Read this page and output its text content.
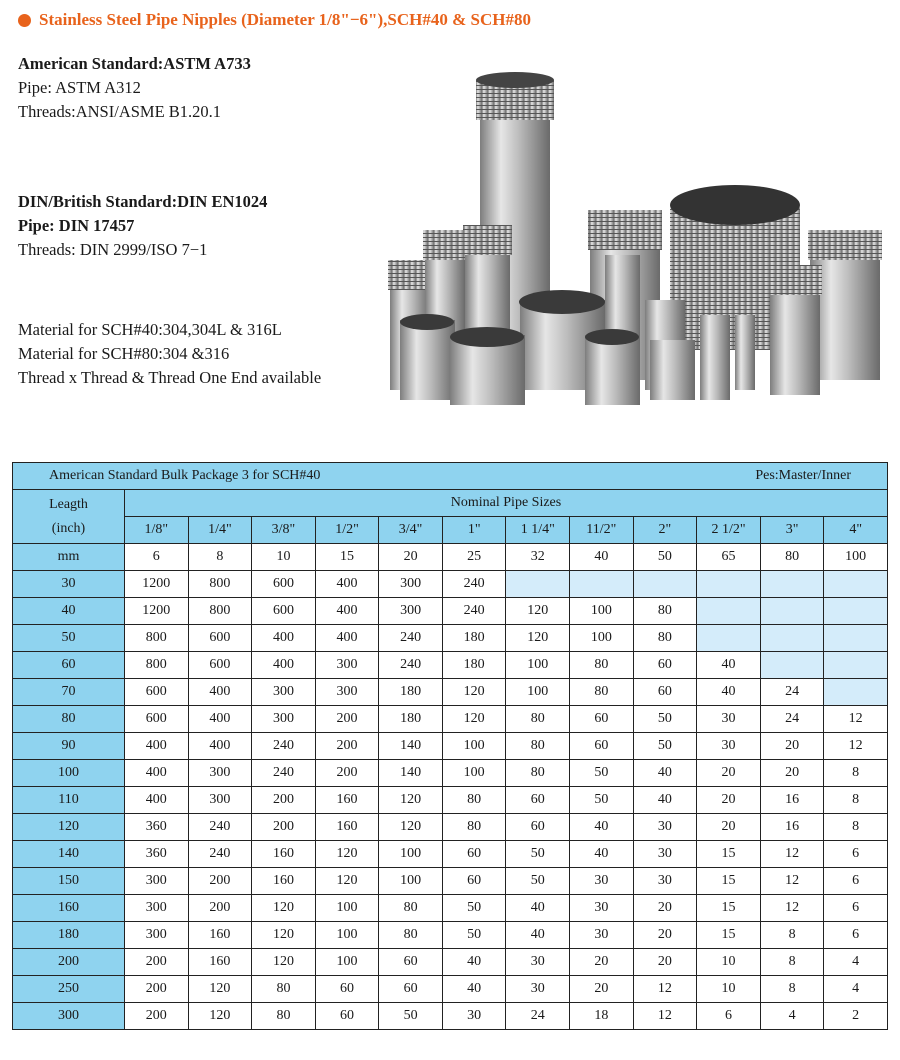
Stainless Steel Pipe Nipples (Diameter 1/8"−6"),SCH#40 & SCH#80
American Standard:ASTM A733
Pipe: ASTM A312
Threads:ANSI/ASME B1.20.1
DIN/British Standard:DIN EN1024
Pipe: DIN 17457
Threads: DIN 2999/ISO 7−1
Material for SCH#40:304,304L & 316L
Material for SCH#80:304 &316
Thread x Thread & Thread One End available
American Standard Bulk Package 3 for SCH#40										Pes:Master/Inner		

Leagth
(inch)	Nominal Pipe Sizes											
	1/8"	1/4"	3/8"	1/2"	3/4"	1"	1 1/4"	11/2"	2"	2 1/2"	3"	4"
mm	6	8	10	15	20	25	32	40	50	65	80	100
30	1200	800	600	400	300	240						
40	1200	800	600	400	300	240	120	100	80			
50	800	600	400	400	240	180	120	100	80			
60	800	600	400	300	240	180	100	80	60	40		
70	600	400	300	300	180	120	100	80	60	40	24	
80	600	400	300	200	180	120	80	60	50	30	24	12
90	400	400	240	200	140	100	80	60	50	30	20	12
100	400	300	240	200	140	100	80	50	40	20	20	8
110	400	300	200	160	120	80	60	50	40	20	16	8
120	360	240	200	160	120	80	60	40	30	20	16	8
140	360	240	160	120	100	60	50	40	30	15	12	6
150	300	200	160	120	100	60	50	30	30	15	12	6
160	300	200	120	100	80	50	40	30	20	15	12	6
180	300	160	120	100	80	50	40	30	20	15	8	6
200	200	160	120	100	60	40	30	20	20	10	8	4
250	200	120	80	60	60	40	30	20	12	10	8	4
300	200	120	80	60	50	30	24	18	12	6	4	2
